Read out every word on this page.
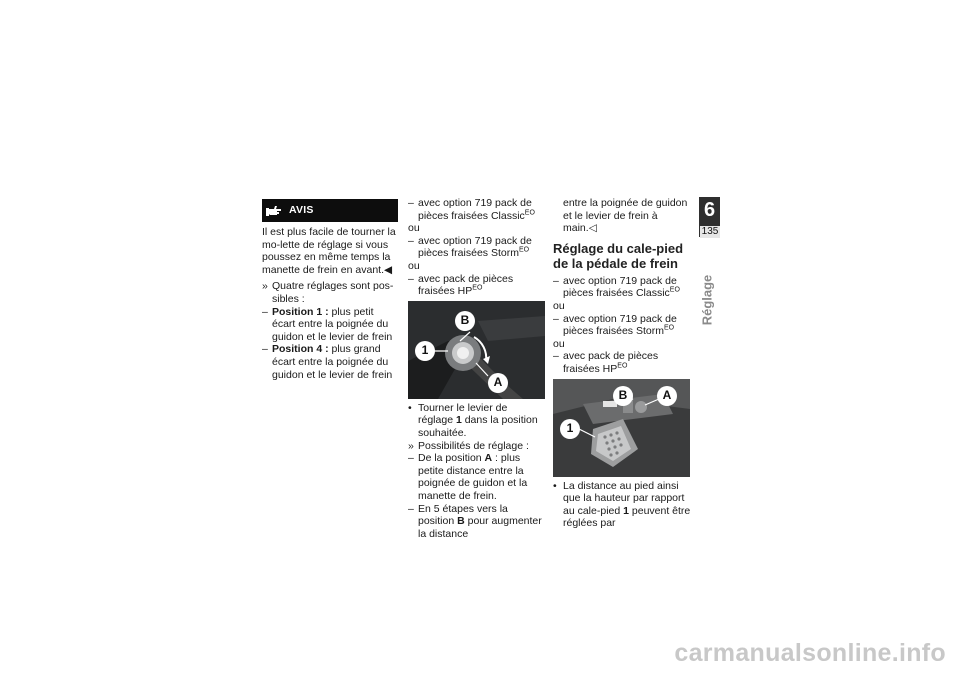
AVIS

Il est plus facile de tourner la mo-lette de réglage si vous poussez en même temps la manette de frein en avant.◀

» Quatre réglages sont pos-sibles :
– Position 1 : plus petit écart entre la poignée du guidon et le levier de frein
– Position 4 : plus grand écart entre la poignée du guidon et le levier de frein
– avec option 719 pack de pièces fraisées Classic$^{EO}$

ou

– avec option 719 pack de pièces fraisées Storm$^{EO}$

ou

– avec pack de pièces fraisées $HP^{EO}$
B
1
A
• Tourner le levier de réglage 1 dans la position souhaitée.
» Possibilités de réglage :
– De la position A : plus petite distance entre la poignée de guidon et la manette de frein.
– En 5 étapes vers la position B pour augmenter la distance

entre la poignée de guidon et le levier de frein à main.◁

Réglage du cale-pied de la pédale de frein
– avec option 719 pack de pièces fraisées Classic$^{EO}$

ou

– avec option 719 pack de pièces fraisées Storm$^{EO}$

ou

– avec pack de pièces fraisées $HP^{EO}$
B	A
1
• La distance au pied ainsi que la hauteur par rapport au cale-pied 1 peuvent être réglées par
6
135
Réglage
carmanualsonline.info
